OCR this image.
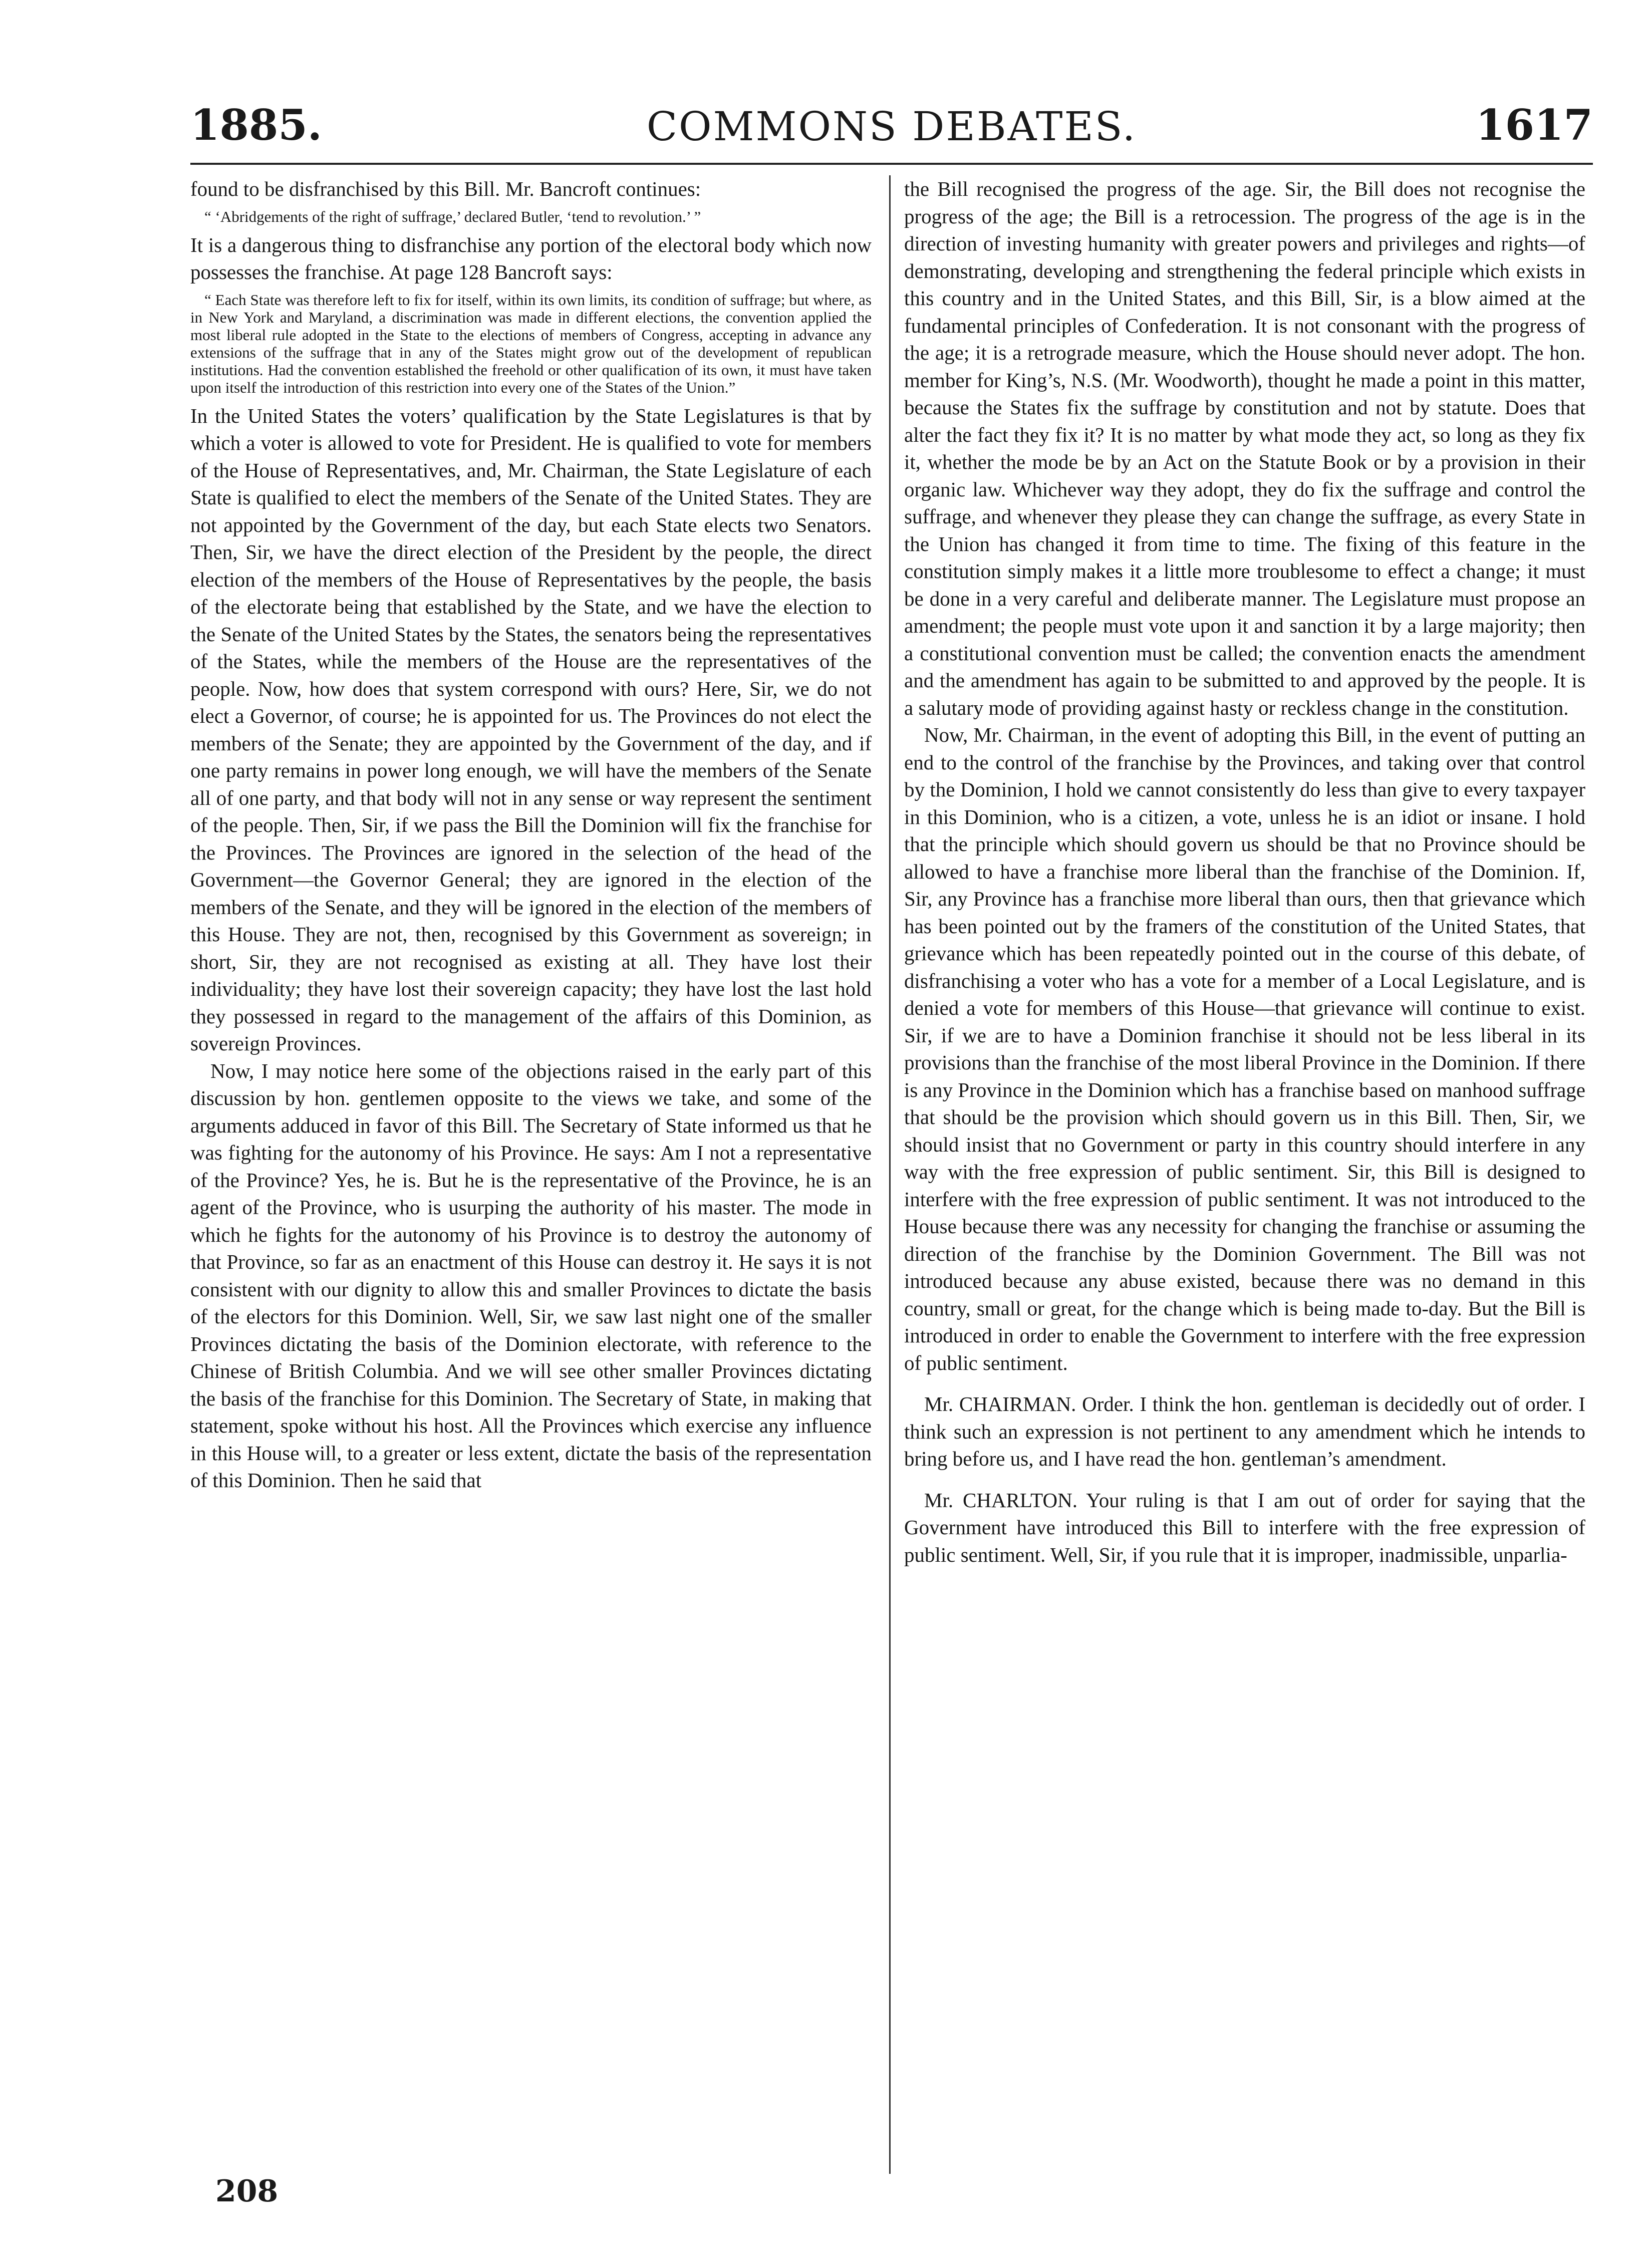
1885.	COMMONS DEBATES.	1617

found to be disfranchised by this Bill. Mr. Bancroft continues:

“ ‘Abridgements of the right of suffrage,’ declared Butler, ‘tend to revolution.’ ”

It is a dangerous thing to disfranchise any portion of the electoral body which now possesses the franchise. At page 128 Bancroft says:

“ Each State was therefore left to fix for itself, within its own limits, its condition of suffrage; but where, as in New York and Maryland, a discrimination was made in different elections, the convention applied the most liberal rule adopted in the State to the elections of members of Congress, accepting in advance any extensions of the suffrage that in any of the States might grow out of the development of republican institutions. Had the convention established the freehold or other qualification of its own, it must have taken upon itself the introduction of this restriction into every one of the States of the Union.”

In the United States the voters’ qualification by the State Legislatures is that by which a voter is allowed to vote for President. He is qualified to vote for members of the House of Representatives, and, Mr. Chairman, the State Legislature of each State is qualified to elect the members of the Senate of the United States. They are not appointed by the Government of the day, but each State elects two Senators. Then, Sir, we have the direct election of the President by the people, the direct election of the members of the House of Representatives by the people, the basis of the electorate being that established by the State, and we have the election to the Senate of the United States by the States, the senators being the representatives of the States, while the members of the House are the representatives of the people. Now, how does that system correspond with ours? Here, Sir, we do not elect a Governor, of course; he is appointed for us. The Provinces do not elect the members of the Senate; they are appointed by the Government of the day, and if one party remains in power long enough, we will have the members of the Senate all of one party, and that body will not in any sense or way represent the sentiment of the people. Then, Sir, if we pass the Bill the Dominion will fix the franchise for the Provinces. The Provinces are ignored in the selection of the head of the Government—the Governor General; they are ignored in the election of the members of the Senate, and they will be ignored in the election of the members of this House. They are not, then, recognised by this Government as sovereign; in short, Sir, they are not recognised as existing at all. They have lost their individuality; they have lost their sovereign capacity; they have lost the last hold they possessed in regard to the management of the affairs of this Dominion, as sovereign Provinces.

Now, I may notice here some of the objections raised in the early part of this discussion by hon. gentlemen opposite to the views we take, and some of the arguments adduced in favor of this Bill. The Secretary of State informed us that he was fighting for the autonomy of his Province. He says: Am I not a representative of the Province? Yes, he is. But he is the representative of the Province, he is an agent of the Province, who is usurping the authority of his master. The mode in which he fights for the autonomy of his Province is to destroy the autonomy of that Province, so far as an enactment of this House can destroy it. He says it is not consistent with our dignity to allow this and smaller Provinces to dictate the basis of the electors for this Dominion. Well, Sir, we saw last night one of the smaller Provinces dictating the basis of the Dominion electorate, with reference to the Chinese of British Columbia. And we will see other smaller Provinces dictating the basis of the franchise for this Dominion. The Secretary of State, in making that statement, spoke without his host. All the Provinces which exercise any influence in this House will, to a greater or less extent, dictate the basis of the representation of this Dominion. Then he said that

the Bill recognised the progress of the age. Sir, the Bill does not recognise the progress of the age; the Bill is a retrocession. The progress of the age is in the direction of investing humanity with greater powers and privileges and rights—of demonstrating, developing and strengthening the federal principle which exists in this country and in the United States, and this Bill, Sir, is a blow aimed at the fundamental principles of Confederation. It is not consonant with the progress of the age; it is a retrograde measure, which the House should never adopt. The hon. member for King’s, N.S. (Mr. Woodworth), thought he made a point in this matter, because the States fix the suffrage by constitution and not by statute. Does that alter the fact they fix it? It is no matter by what mode they act, so long as they fix it, whether the mode be by an Act on the Statute Book or by a provision in their organic law. Whichever way they adopt, they do fix the suffrage and control the suffrage, and whenever they please they can change the suffrage, as every State in the Union has changed it from time to time. The fixing of this feature in the constitution simply makes it a little more troublesome to effect a change; it must be done in a very careful and deliberate manner. The Legislature must propose an amendment; the people must vote upon it and sanction it by a large majority; then a constitutional convention must be called; the convention enacts the amendment and the amendment has again to be submitted to and approved by the people. It is a salutary mode of providing against hasty or reckless change in the constitution.

Now, Mr. Chairman, in the event of adopting this Bill, in the event of putting an end to the control of the franchise by the Provinces, and taking over that control by the Dominion, I hold we cannot consistently do less than give to every taxpayer in this Dominion, who is a citizen, a vote, unless he is an idiot or insane. I hold that the principle which should govern us should be that no Province should be allowed to have a franchise more liberal than the franchise of the Dominion. If, Sir, any Province has a franchise more liberal than ours, then that grievance which has been pointed out by the framers of the constitution of the United States, that grievance which has been repeatedly pointed out in the course of this debate, of disfranchising a voter who has a vote for a member of a Local Legislature, and is denied a vote for members of this House—that grievance will continue to exist. Sir, if we are to have a Dominion franchise it should not be less liberal in its provisions than the franchise of the most liberal Province in the Dominion. If there is any Province in the Dominion which has a franchise based on manhood suffrage that should be the provision which should govern us in this Bill. Then, Sir, we should insist that no Government or party in this country should interfere in any way with the free expression of public sentiment. Sir, this Bill is designed to interfere with the free expression of public sentiment. It was not introduced to the House because there was any necessity for changing the franchise or assuming the direction of the franchise by the Dominion Government. The Bill was not introduced because any abuse existed, because there was no demand in this country, small or great, for the change which is being made to-day. But the Bill is introduced in order to enable the Government to interfere with the free expression of public sentiment.

Mr. CHAIRMAN. Order. I think the hon. gentleman is decidedly out of order. I think such an expression is not pertinent to any amendment which he intends to bring before us, and I have read the hon. gentleman’s amendment.

Mr. CHARLTON. Your ruling is that I am out of order for saying that the Government have introduced this Bill to interfere with the free expression of public sentiment. Well, Sir, if you rule that it is improper, inadmissible, unparlia-

208
